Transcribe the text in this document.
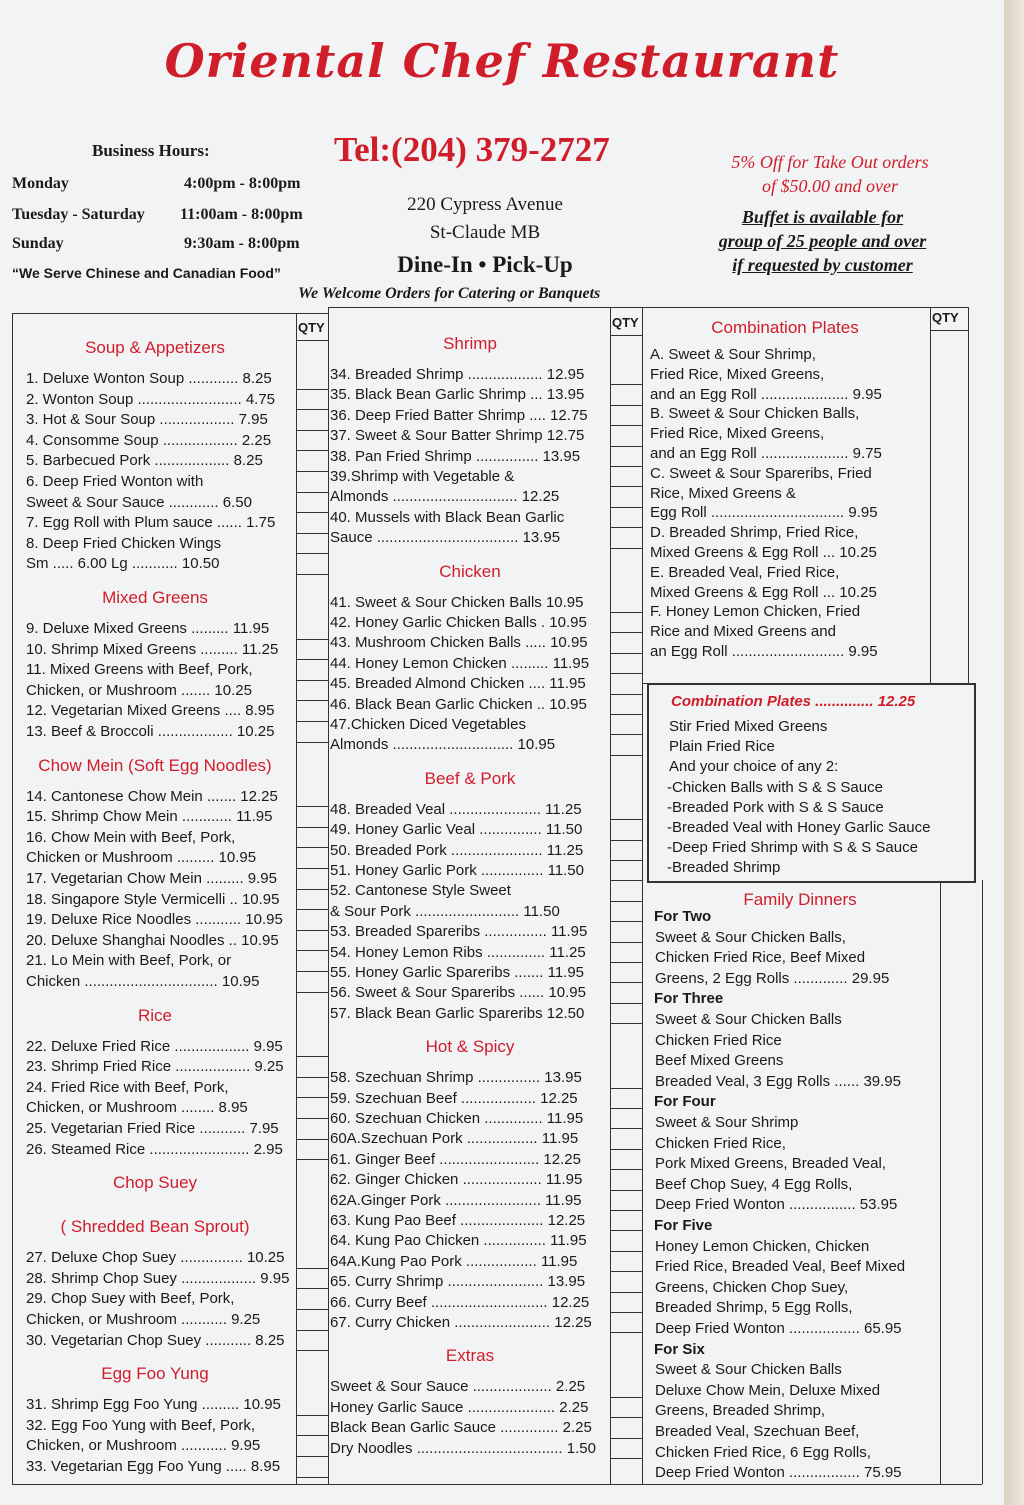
Oriental Chef Restaurant
Tel:(204) 379-2727
Business Hours:
Monday	4:00pm - 8:00pm
Tuesday - Saturday 11:00am - 8:00pm
Sunday	9:30am - 8:00pm
“We Serve Chinese and Canadian Food”
220 Cypress Avenue
St-Claude MB
Dine-In • Pick-Up
5% Off for Take Out orders
of $50.00 and over
Buffet is available for
group of 25 people and over
if requested by customer
We Welcome Orders for Catering or Banquets
QTY	QTY	QTY
Soup & Appetizers
1. Deluxe Wonton Soup ............ 8.25
2. Wonton Soup ......................... 4.75
3. Hot & Sour Soup .................. 7.95
4. Consomme Soup .................. 2.25
5. Barbecued Pork .................. 8.25
6. Deep Fried Wonton with
Sweet & Sour Sauce ............ 6.50
7. Egg Roll with Plum sauce ...... 1.75
8. Deep Fried Chicken Wings
Sm ..... 6.00 Lg ........... 10.50
Mixed Greens
9. Deluxe Mixed Greens ......... 11.95
10. Shrimp Mixed Greens ......... 11.25
11. Mixed Greens with Beef, Pork,
Chicken, or Mushroom ....... 10.25
12. Vegetarian Mixed Greens .... 8.95
13. Beef & Broccoli .................. 10.25
Chow Mein (Soft Egg Noodles)
14. Cantonese Chow Mein ....... 12.25
15. Shrimp Chow Mein ............ 11.95
16. Chow Mein with Beef, Pork,
Chicken or Mushroom ......... 10.95
17. Vegetarian Chow Mein ......... 9.95
18. Singapore Style Vermicelli .. 10.95
19. Deluxe Rice Noodles ........... 10.95
20. Deluxe Shanghai Noodles .. 10.95
21. Lo Mein with Beef, Pork, or
Chicken ................................ 10.95
Rice
22. Deluxe Fried Rice .................. 9.95
23. Shrimp Fried Rice .................. 9.25
24. Fried Rice with Beef, Pork,
Chicken, or Mushroom ........ 8.95
25. Vegetarian Fried Rice ........... 7.95
26. Steamed Rice ........................ 2.95
Chop Suey
( Shredded Bean Sprout)
27. Deluxe Chop Suey ............... 10.25
28. Shrimp Chop Suey .................. 9.95
29. Chop Suey with Beef, Pork,
Chicken, or Mushroom ........... 9.25
30. Vegetarian Chop Suey ........... 8.25
Egg Foo Yung
31. Shrimp Egg Foo Yung ......... 10.95
32. Egg Foo Yung with Beef, Pork,
Chicken, or Mushroom ........... 9.95
33. Vegetarian Egg Foo Yung ..... 8.95
Shrimp
34. Breaded Shrimp .................. 12.95
35. Black Bean Garlic Shrimp ... 13.95
36. Deep Fried Batter Shrimp .... 12.75
37. Sweet & Sour Batter Shrimp 12.75
38. Pan Fried Shrimp ............... 13.95
39.Shrimp with Vegetable &
Almonds .............................. 12.25
40. Mussels with Black Bean Garlic
Sauce .................................. 13.95
Chicken
41. Sweet & Sour Chicken Balls 10.95
42. Honey Garlic Chicken Balls . 10.95
43. Mushroom Chicken Balls ..... 10.95
44. Honey Lemon Chicken ......... 11.95
45. Breaded Almond Chicken .... 11.95
46. Black Bean Garlic Chicken .. 10.95
47.Chicken Diced Vegetables
Almonds ............................. 10.95
Beef & Pork
48. Breaded Veal ...................... 11.25
49. Honey Garlic Veal ............... 11.50
50. Breaded Pork ...................... 11.25
51. Honey Garlic Pork ............... 11.50
52. Cantonese Style Sweet
& Sour Pork ......................... 11.50
53. Breaded Spareribs ............... 11.95
54. Honey Lemon Ribs .............. 11.25
55. Honey Garlic Spareribs ....... 11.95
56. Sweet & Sour Spareribs ...... 10.95
57. Black Bean Garlic Spareribs 12.50
Hot & Spicy
58. Szechuan Shrimp ............... 13.95
59. Szechuan Beef .................. 12.25
60. Szechuan Chicken .............. 11.95
60A.Szechuan Pork ................. 11.95
61. Ginger Beef ........................ 12.25
62. Ginger Chicken ................... 11.95
62A.Ginger Pork ....................... 11.95
63. Kung Pao Beef .................... 12.25
64. Kung Pao Chicken ............... 11.95
64A.Kung Pao Pork ................. 11.95
65. Curry Shrimp ....................... 13.95
66. Curry Beef ............................ 12.25
67. Curry Chicken ....................... 12.25
Extras
Sweet & Sour Sauce ................... 2.25
Honey Garlic Sauce ..................... 2.25
Black Bean Garlic Sauce .............. 2.25
Dry Noodles ................................... 1.50
Combination Plates
A. Sweet & Sour Shrimp,
Fried Rice, Mixed Greens,
and an Egg Roll ..................... 9.95
B. Sweet & Sour Chicken Balls,
Fried Rice, Mixed Greens,
and an Egg Roll ..................... 9.75
C. Sweet & Sour Spareribs, Fried
Rice, Mixed Greens &
Egg Roll ................................ 9.95
D. Breaded Shrimp, Fried Rice,
Mixed Greens & Egg Roll ... 10.25
E. Breaded Veal, Fried Rice,
Mixed Greens & Egg Roll ... 10.25
F. Honey Lemon Chicken, Fried
Rice and Mixed Greens and
an Egg Roll ........................... 9.95
Combination Plates .............. 12.25
Stir Fried Mixed Greens
Plain Fried Rice
And your choice of any 2:
-Chicken Balls with S & S Sauce
-Breaded Pork with S & S Sauce
-Breaded Veal with Honey Garlic Sauce
-Deep Fried Shrimp with S & S Sauce
-Breaded Shrimp
Family Dinners
For Two
Sweet & Sour Chicken Balls,
Chicken Fried Rice, Beef Mixed
Greens, 2 Egg Rolls ............. 29.95
For Three
Sweet & Sour Chicken Balls
Chicken Fried Rice
Beef Mixed Greens
Breaded Veal, 3 Egg Rolls ...... 39.95
For Four
Sweet & Sour Shrimp
Chicken Fried Rice,
Pork Mixed Greens, Breaded Veal,
Beef Chop Suey, 4 Egg Rolls,
Deep Fried Wonton ................ 53.95
For Five
Honey Lemon Chicken, Chicken
Fried Rice, Breaded Veal, Beef Mixed
Greens, Chicken Chop Suey,
Breaded Shrimp, 5 Egg Rolls,
Deep Fried Wonton ................. 65.95
For Six
Sweet & Sour Chicken Balls
Deluxe Chow Mein, Deluxe Mixed
Greens, Breaded Shrimp,
Breaded Veal, Szechuan Beef,
Chicken Fried Rice, 6 Egg Rolls,
Deep Fried Wonton ................. 75.95
